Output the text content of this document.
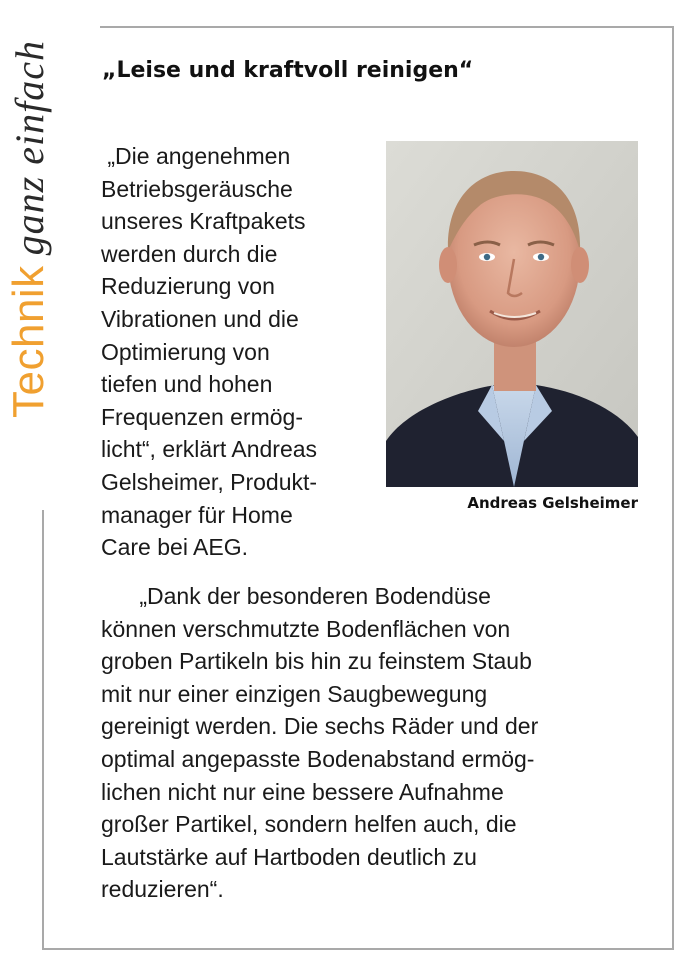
Technik
ganz einfach „Leise und kraftvoll reinigen“
„Die angenehmen
Betriebsgeräusche
unseres Kraftpakets
werden durch die
Reduzierung von
Vibrationen und die
Optimierung von
tiefen und hohen
Frequenzen ermög-
licht“, erklärt Andreas
Gelsheimer, Produkt-
manager für Home
Care bei AEG.

Andreas Gelsheimer

„Dank der besonderen Bodendüse
können verschmutzte Bodenflächen von
groben Partikeln bis hin zu feinstem Staub
mit nur einer einzigen Saugbewegung
gereinigt werden. Die sechs Räder und der
optimal angepasste Bodenabstand ermög-
lichen nicht nur eine bessere Aufnahme
großer Partikel, sondern helfen auch, die
Lautstärke auf Hartboden deutlich zu
reduzieren“.
